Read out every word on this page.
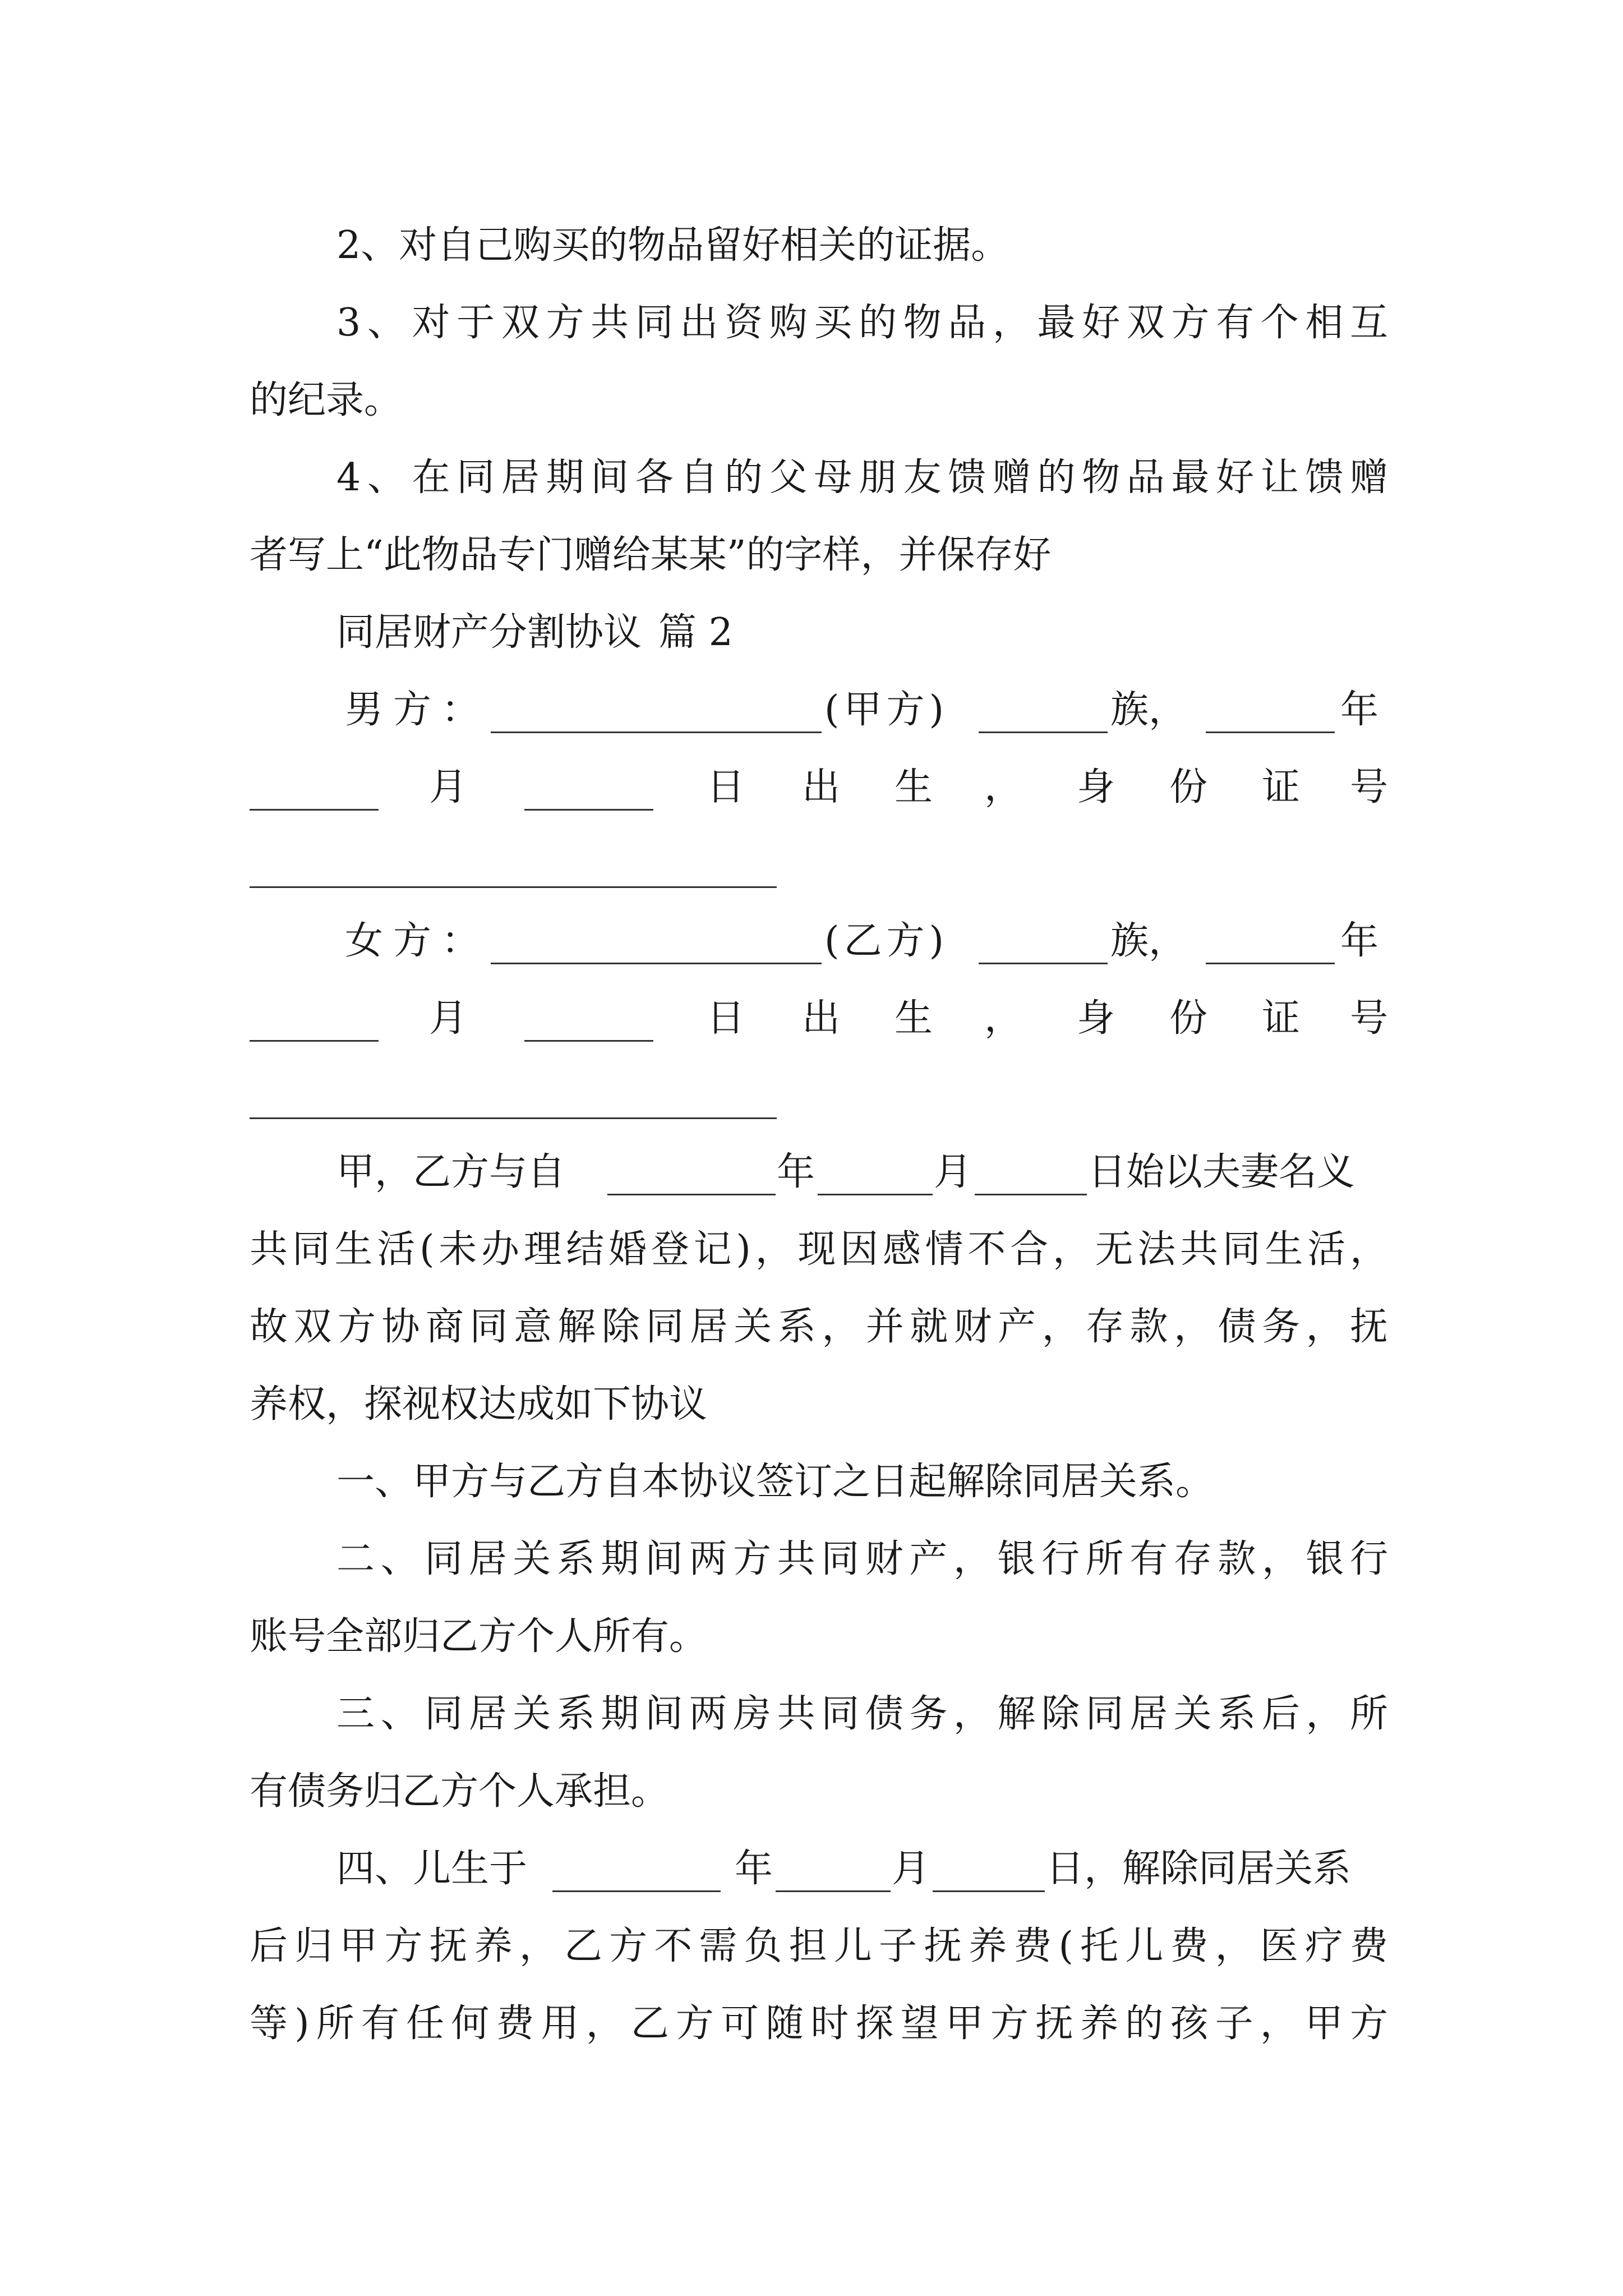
2、对自己购买的物品留好相关的证据。
3、对于双方共同出资购买的物品，最好双方有个相互
的纪录。
4、在同居期间各自的父母朋友馈赠的物品最好让馈赠
者写上“此物品专门赠给某某”的字样，并保存好
同居财产分割协议 篇 2
男方：	(甲方)	族，	年
月	日 出 生 ， 身 份 证 号
女方：	(乙方)	族，	年
月	日 出 生 ， 身 份 证 号
甲，乙方与自	年	月	日始以夫妻名义
共同生活(未办理结婚登记)，现因感情不合，无法共同生活，
故双方协商同意解除同居关系，并就财产，存款，债务，抚
养权，探视权达成如下协议
一、甲方与乙方自本协议签订之日起解除同居关系。
二、同居关系期间两方共同财产，银行所有存款，银行
账号全部归乙方个人所有。
三、同居关系期间两房共同债务，解除同居关系后，所
有债务归乙方个人承担。
四、儿生于	年	月	日，解除同居关系
后归甲方抚养，乙方不需负担儿子抚养费(托儿费，医疗费
等)所有任何费用，乙方可随时探望甲方抚养的孩子，甲方
